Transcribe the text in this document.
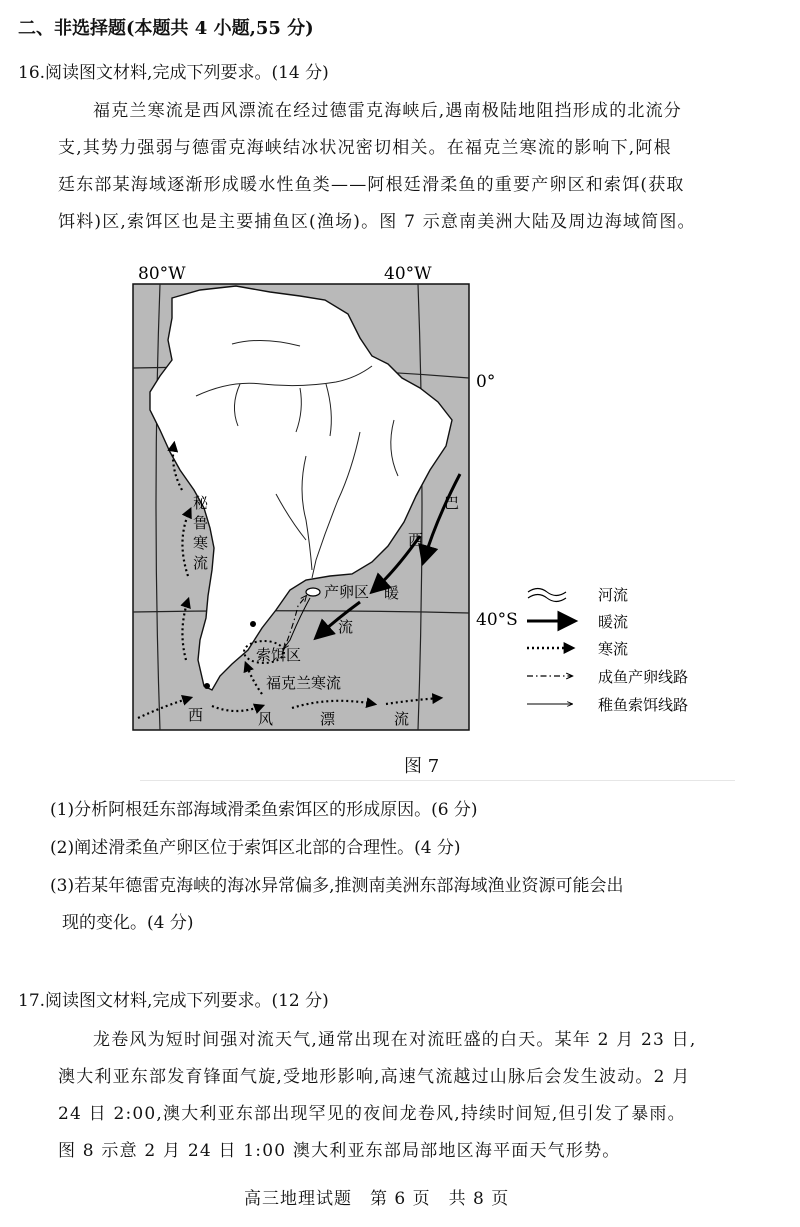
二、非选择题(本题共 4 小题,55 分)
16.阅读图文材料,完成下列要求。(14 分)
福克兰寒流是西风漂流在经过德雷克海峡后,遇南极陆地阻挡形成的北流分
支,其势力强弱与德雷克海峡结冰状况密切相关。在福克兰寒流的影响下,阿根
廷东部某海域逐渐形成暖水性鱼类——阿根廷滑柔鱼的重要产卵区和索饵(获取
饵料)区,索饵区也是主要捕鱼区(渔场)。图 7 示意南美洲大陆及周边海域简图。
80°W	40°W
0°
40°S
秘
鲁
寒
流
巴
西
暖
流
产卵区
索饵区
福克兰寒流
西	风	漂	流
河流
暖流
寒流
成鱼产卵线路
稚鱼索饵线路
图 7
(1)分析阿根廷东部海域滑柔鱼索饵区的形成原因。(6 分)
(2)阐述滑柔鱼产卵区位于索饵区北部的合理性。(4 分)
(3)若某年德雷克海峡的海冰异常偏多,推测南美洲东部海域渔业资源可能会出
现的变化。(4 分)
17.阅读图文材料,完成下列要求。(12 分)
龙卷风为短时间强对流天气,通常出现在对流旺盛的白天。某年 2 月 23 日,
澳大利亚东部发育锋面气旋,受地形影响,高速气流越过山脉后会发生波动。2 月
24 日 2:00,澳大利亚东部出现罕见的夜间龙卷风,持续时间短,但引发了暴雨。
图 8 示意 2 月 24 日 1:00 澳大利亚东部局部地区海平面天气形势。
高三地理试题　第 6 页　共 8 页
